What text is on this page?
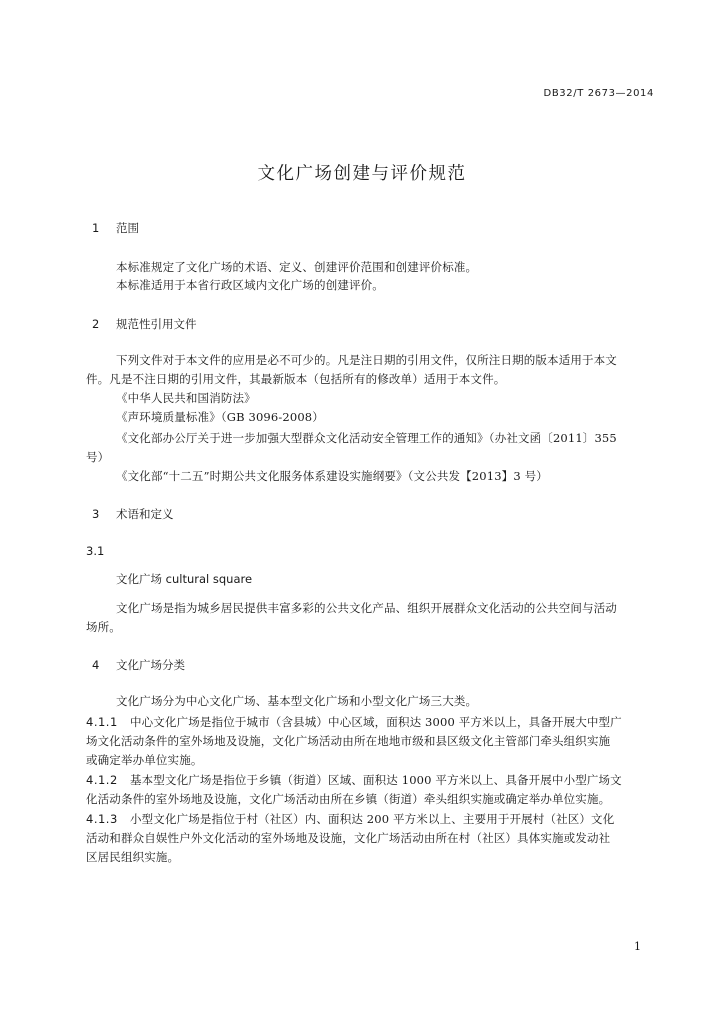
DB32/T 2673—2014
文化广场创建与评价规范
1 范围
本标准规定了文化广场的术语、定义、创建评价范围和创建评价标准。
本标准适用于本省行政区域内文化广场的创建评价。
2 规范性引用文件
下列文件对于本文件的应用是必不可少的。凡是注日期的引用文件，仅所注日期的版本适用于本文
件。凡是不注日期的引用文件，其最新版本（包括所有的修改单）适用于本文件。
《中华人民共和国消防法》
《声环境质量标准》（GB 3096-2008）
《文化部办公厅关于进一步加强大型群众文化活动安全管理工作的通知》（办社文函〔2011〕355
号）
《文化部“十二五”时期公共文化服务体系建设实施纲要》（文公共发【2013】3 号）
3 术语和定义
3.1
文化广场 cultural square
文化广场是指为城乡居民提供丰富多彩的公共文化产品、组织开展群众文化活动的公共空间与活动
场所。
4 文化广场分类
文化广场分为中心文化广场、基本型文化广场和小型文化广场三大类。
4.1.1 中心文化广场是指位于城市（含县城）中心区域，面积达 3000 平方米以上，具备开展大中型广
场文化活动条件的室外场地及设施，文化广场活动由所在地地市级和县区级文化主管部门牵头组织实施
或确定举办单位实施。
4.1.2 基本型文化广场是指位于乡镇（街道）区域、面积达 1000 平方米以上、具备开展中小型广场文
化活动条件的室外场地及设施，文化广场活动由所在乡镇（街道）牵头组织实施或确定举办单位实施。
4.1.3 小型文化广场是指位于村（社区）内、面积达 200 平方米以上、主要用于开展村（社区）文化
活动和群众自娱性户外文化活动的室外场地及设施，文化广场活动由所在村（社区）具体实施或发动社
区居民组织实施。
1
